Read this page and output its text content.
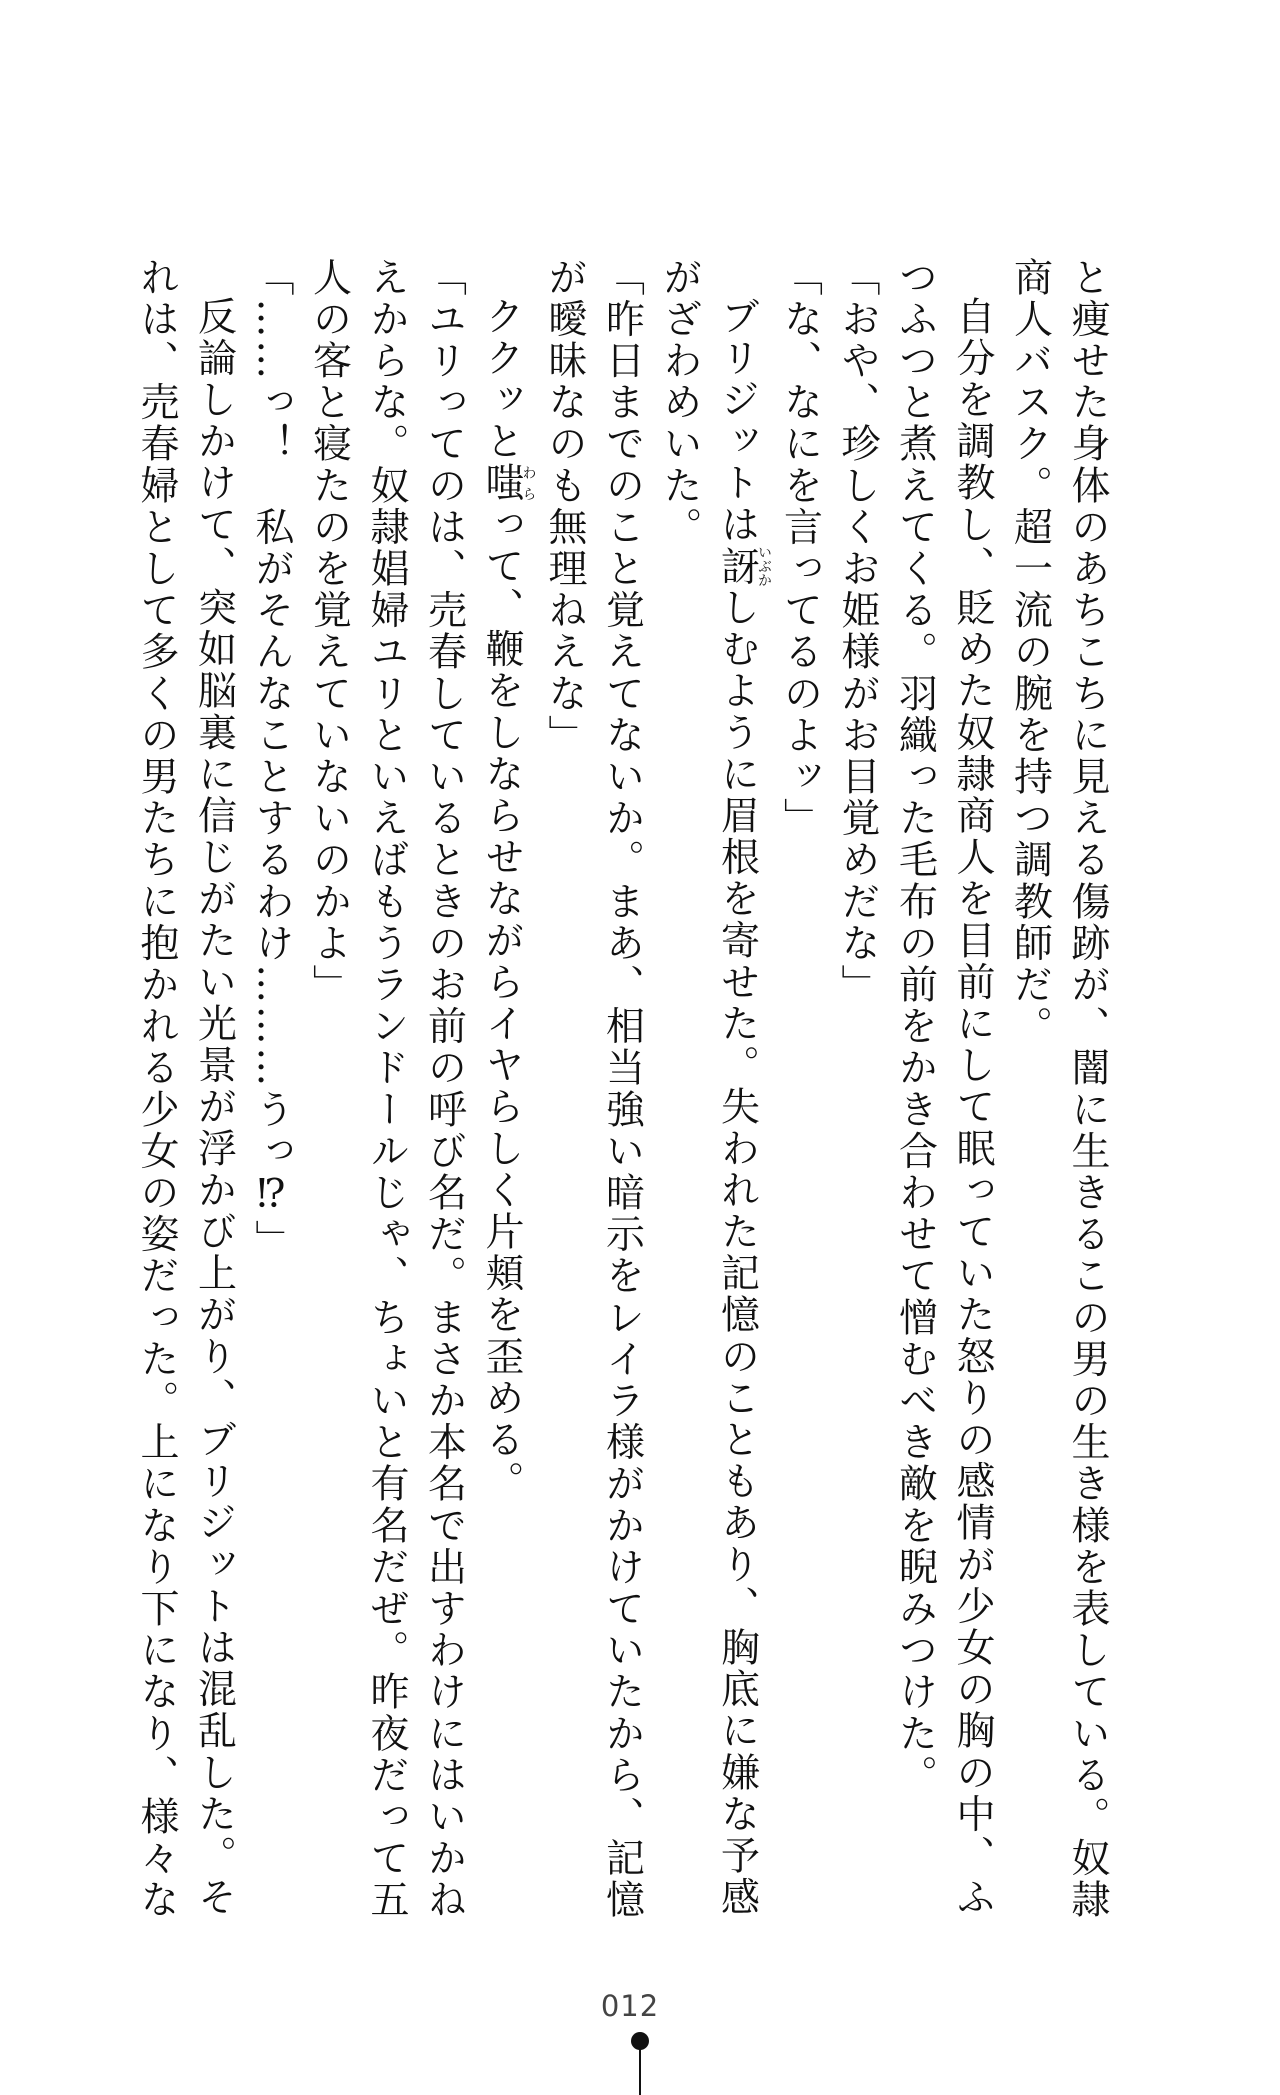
と痩せた身体のあちこちに見える傷跡が、闇に生きるこの男の生き様を表している。奴隷
商人バスク。超一流の腕を持つ調教師だ。
自分を調教し、貶めた奴隷商人を目前にして眠っていた怒りの感情が少女の胸の中、ふ
つふつと煮えてくる。羽織った毛布の前をかき合わせて憎むべき敵を睨みつけた。
「おや、珍しくお姫様がお目覚めだな」
「な、なにを言ってるのよッ」
ブリジットは訝いぶかしむように眉根を寄せた。失われた記憶のこともあり、胸底に嫌な予感
がざわめいた。
「昨日までのこと覚えてないか。まあ、相当強い暗示をレイラ様がかけていたから、記憶
が曖昧なのも無理ねえな」
ククッと嗤わらって、鞭をしならせながらイヤらしく片頬を歪める。
「ユリってのは、売春しているときのお前の呼び名だ。まさか本名で出すわけにはいかね
えからな。奴隷娼婦ユリといえばもうランドールじゃ、ちょいと有名だぜ。昨夜だって五
人の客と寝たのを覚えていないのかよ」
「……っ！　私がそんなことするわけ………うっ⁉」
反論しかけて、突如脳裏に信じがたい光景が浮かび上がり、ブリジットは混乱した。そ
れは、売春婦として多くの男たちに抱かれる少女の姿だった。上になり下になり、様々な
012
